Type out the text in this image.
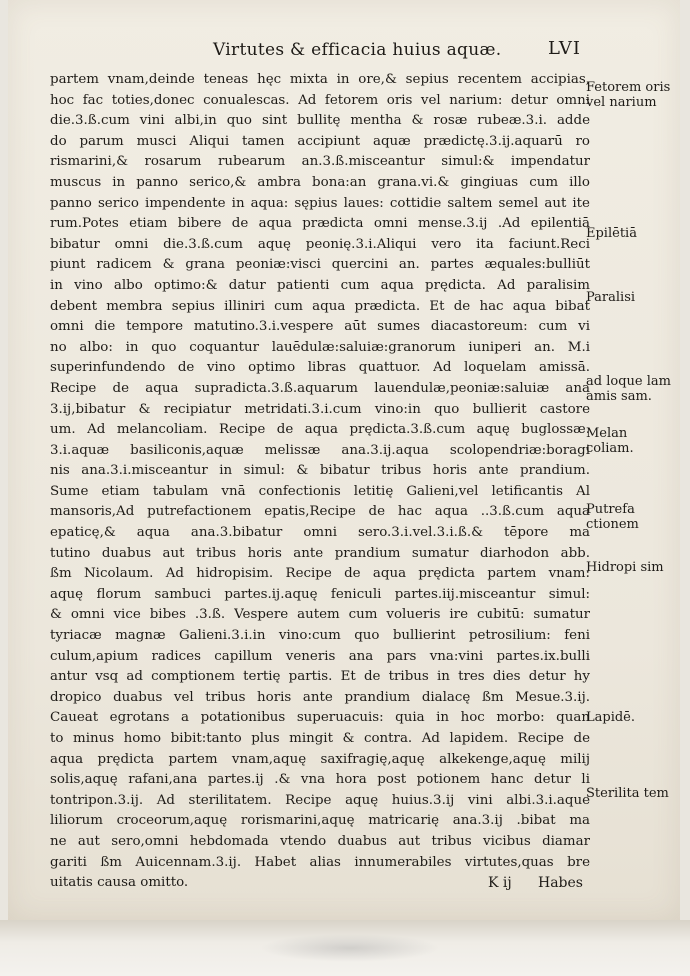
Virtutes & efficacia huius aquæ.	LVI
partem vnam,deinde teneas hęc mixta in ore,& sepius recentem accipias,
hoc fac toties,donec conualescas. Ad fetorem oris vel narium: detur omni
die.3.ß.cum vini albi,in quo sint bullitę mentha & rosæ rubeæ.3.i. adde
do parum musci Aliqui tamen accipiunt aquæ prædictę.3.ij.aquarū ro
rismarini,& rosarum rubearum an.3.ß.misceantur simul:& impendatur
muscus in panno serico,& ambra bona:an grana.vi.& gingiuas cum illo
panno serico impendente in aqua: sępius laues: cottidie saltem semel aut ite
rum.Potes etiam bibere de aqua prædicta omni mense.3.ij .Ad epilentiā
bibatur omni die.3.ß.cum aquę peonię.3.i.Aliqui vero ita faciunt.Reci
piunt radicem & grana peoniæ:visci quercini an. partes æquales:bulliūt
in vino albo optimo:& datur patienti cum aqua prędicta. Ad paralisim
debent membra sepius illiniri cum aqua prædicta. Et de hac aqua bibat
omni die tempore matutino.3.i.vespere aūt sumes diacastoreum: cum vi
no albo: in quo coquantur lauēdulæ:saluiæ:granorum iuniperi an. M.i
superinfundendo de vino optimo libras quattuor. Ad loquelam amissā.
Recipe de aqua supradicta.3.ß.aquarum lauendulæ,peoniæ:saluiæ ana
3.ij,bibatur & recipiatur metridati.3.i.cum vino:in quo bullierit castore
um. Ad melancoliam. Recipe de aqua prędicta.3.ß.cum aquę buglossæ.
3.i.aquæ basiliconis,aquæ melissæ ana.3.ij.aqua scolopendriæ:boragi
nis ana.3.i.misceantur in simul: & bibatur tribus horis ante prandium.
Sume etiam tabulam vnā confectionis letitię Galieni,vel letificantis Al
mansoris,Ad putrefactionem epatis,Recipe de hac aqua ..3.ß.cum aqua
epaticę,& aqua ana.3.bibatur omni sero.3.i.vel.3.i.ß.& tēpore ma
tutino duabus aut tribus horis ante prandium sumatur diarhodon abb.
ßm Nicolaum. Ad hidropisim. Recipe de aqua prędicta partem vnam:
aquę florum sambuci partes.ij.aquę feniculi partes.iij.misceantur simul:
& omni vice bibes .3.ß. Vespere autem cum volueris ire cubitū: sumatur
tyriacæ magnæ Galieni.3.i.in vino:cum quo bullierint petrosilium: feni
culum,apium radices capillum veneris ana pars vna:vini partes.ix.bulli
antur vsq ad comptionem tertię partis. Et de tribus in tres dies detur hy
dropico duabus vel tribus horis ante prandium dialacę ßm Mesue.3.ij.
Caueat egrotans a potationibus superuacuis: quia in hoc morbo: quan
to minus homo bibit:tanto plus mingit & contra. Ad lapidem. Recipe de
aqua prędicta partem vnam,aquę saxifragię,aquę alkekenge,aquę milij
solis,aquę rafani,ana partes.ij .& vna hora post potionem hanc detur li
tontripon.3.ij. Ad sterilitatem. Recipe aquę huius.3.ij vini albi.3.i.aque
liliorum croceorum,aquę rorismarini,aquę matricarię ana.3.ij .bibat ma
ne aut sero,omni hebdomada vtendo duabus aut tribus vicibus diamar
gariti ßm Auicennam.3.ij. Habet alias innumerabiles virtutes,quas bre
uitatis causa omitto.
Fetorem oris vel narium
Epilētiā
Paralisi
ad loque lam amis sam.
Melan coliam.
Putrefa ctionem
Hidropi sim
Lapidē.
Sterilita tem
K ij Habes
